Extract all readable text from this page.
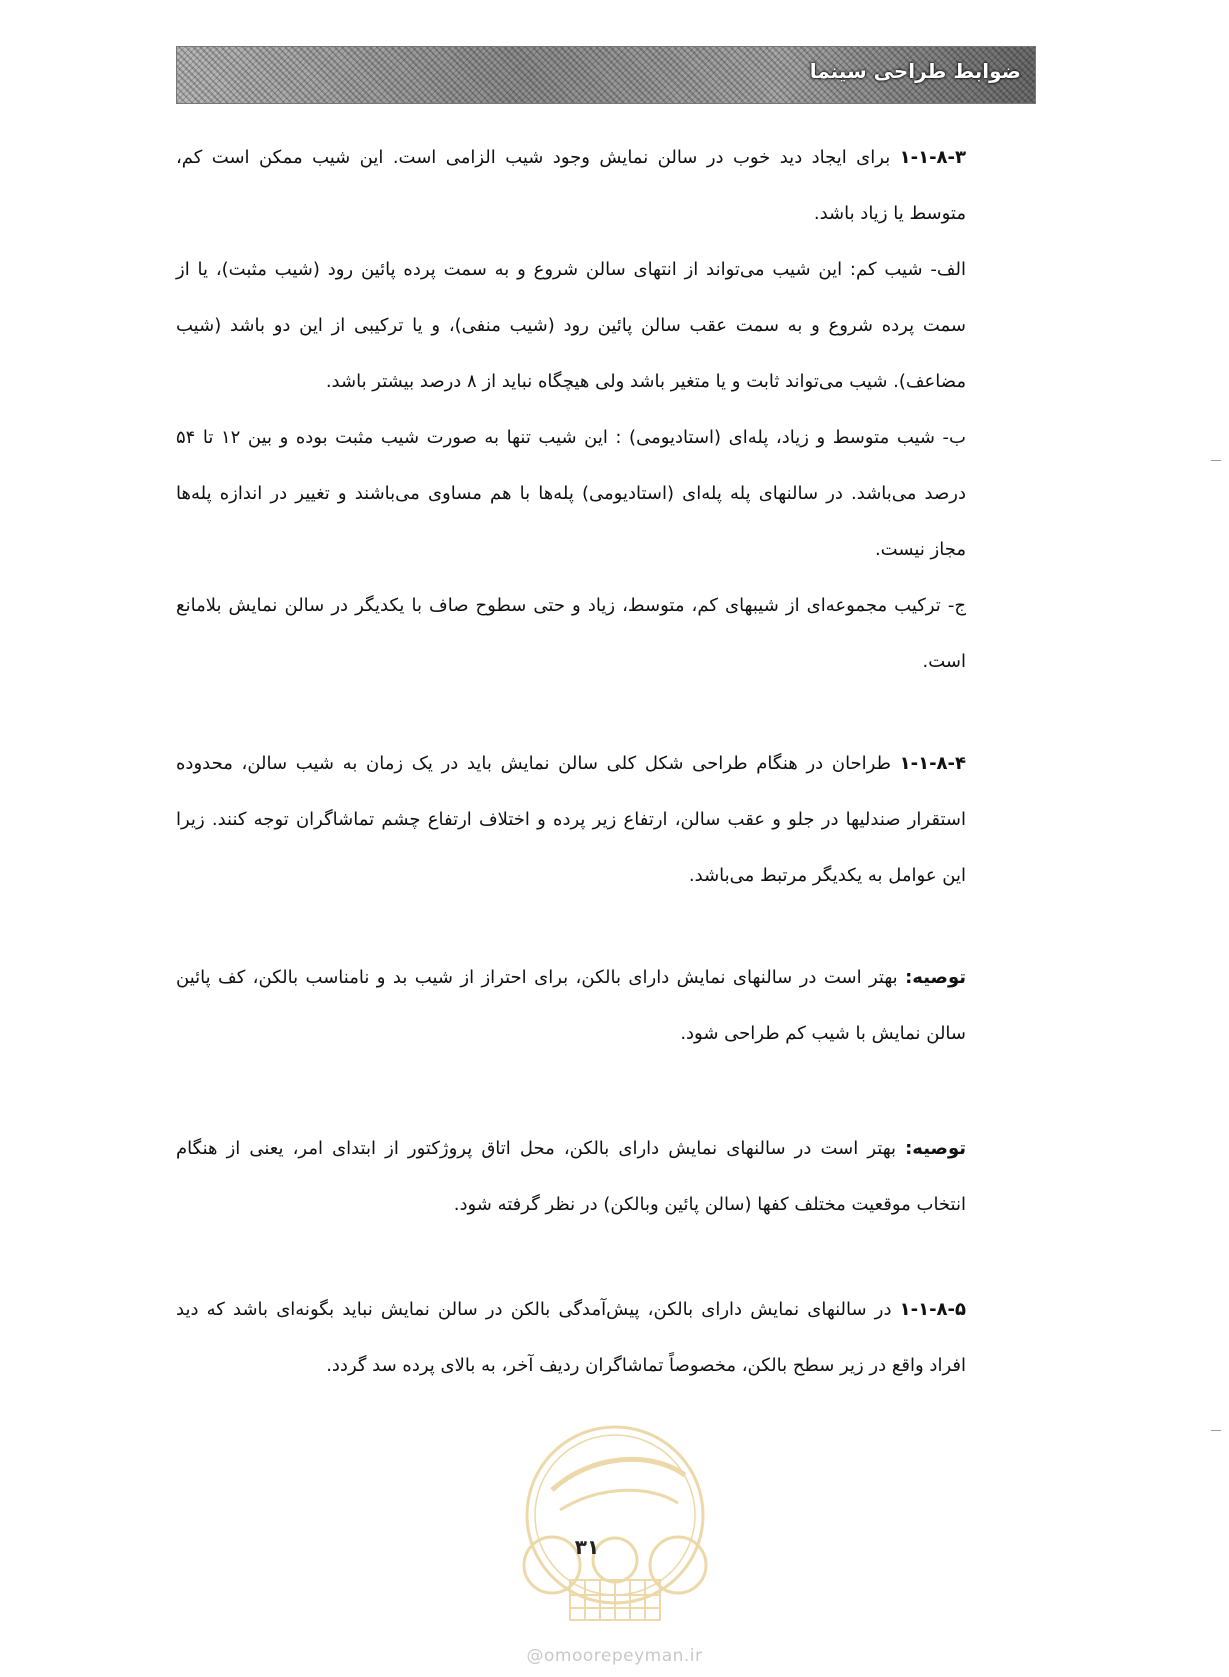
ضوابط طراحی سینما

۱-۱-۸-۳ برای ایجاد دید خوب در سالن نمایش وجود شیب الزامی است. این شیب ممکن است کم، متوسط یا زیاد باشد.

الف- شیب کم: این شیب می‌تواند از انتهای سالن شروع و به سمت پرده پائین رود (شیب مثبت)، یا از سمت پرده شروع و به سمت عقب سالن پائین رود (شیب منفی)، و یا ترکیبی از این دو باشد (شیب مضاعف). شیب می‌تواند ثابت و یا متغیر باشد ولی هیچگاه نباید از ۸ درصد بیشتر باشد.

ب- شیب متوسط و زیاد، پله‌ای (استادیومی) : این شیب تنها به صورت شیب مثبت بوده و بین ۱۲ تا ۵۴ درصد می‌باشد. در سالنهای پله پله‌ای (استادیومی) پله‌ها با هم مساوی می‌باشند و تغییر در اندازه پله‌ها مجاز نیست.

ج- ترکیب مجموعه‌ای از شیبهای کم، متوسط، زیاد و حتی سطوح صاف با یکدیگر در سالن نمایش بلامانع است.

۱-۱-۸-۴ طراحان در هنگام طراحی شکل کلی سالن نمایش باید در یک زمان به شیب سالن، محدوده استقرار صندلیها در جلو و عقب سالن، ارتفاع زیر پرده و اختلاف ارتفاع چشم تماشاگران توجه کنند. زیرا این عوامل به یکدیگر مرتبط می‌باشد.

توصیه: بهتر است در سالنهای نمایش دارای بالکن، برای احتراز از شیب بد و نامناسب بالکن، کف پائین سالن نمایش با شیب کم طراحی شود.

توصیه: بهتر است در سالنهای نمایش دارای بالکن، محل اتاق پروژکتور از ابتدای امر، یعنی از هنگام انتخاب موقعیت مختلف کفها (سالن پائین وبالکن) در نظر گرفته شود.

۱-۱-۸-۵ در سالنهای نمایش دارای بالکن، پیش‌آمدگی بالکن در سالن نمایش نباید بگونه‌ای باشد که دید افراد واقع در زیر سطح بالکن، مخصوصاً تماشاگران ردیف آخر، به بالای پرده سد گردد.

۳۱
@omoorepeyman.ir
